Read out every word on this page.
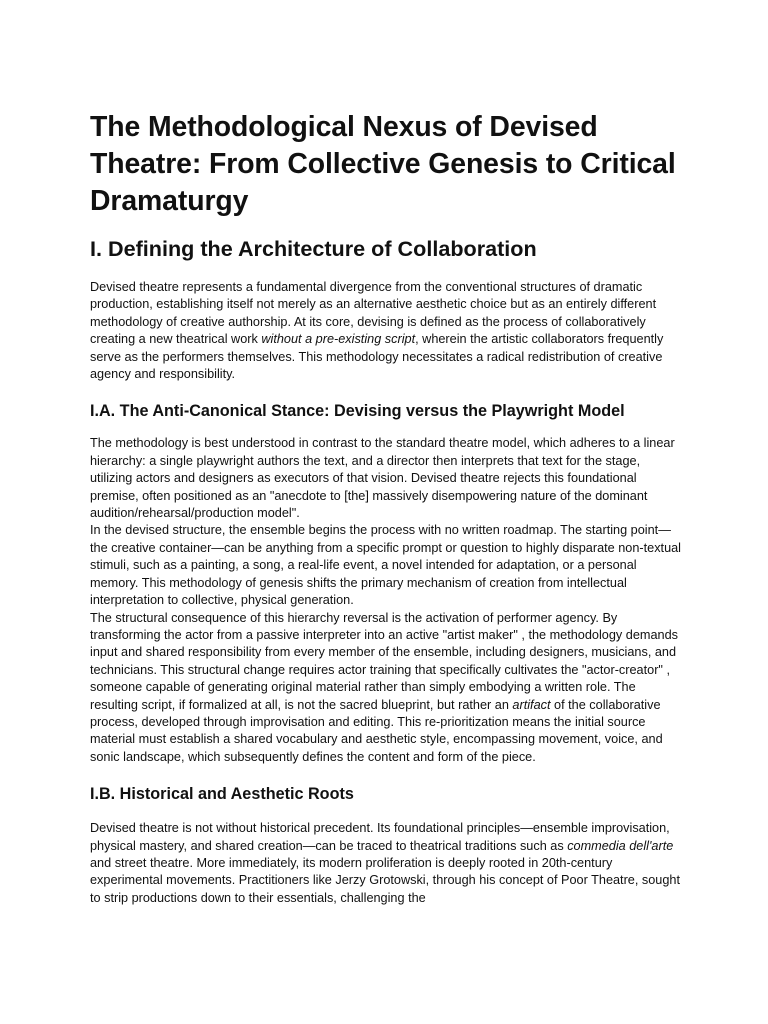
The Methodological Nexus of Devised Theatre: From Collective Genesis to Critical Dramaturgy
I. Defining the Architecture of Collaboration

Devised theatre represents a fundamental divergence from the conventional structures of dramatic production, establishing itself not merely as an alternative aesthetic choice but as an entirely different methodology of creative authorship. At its core, devising is defined as the process of collaboratively creating a new theatrical work without a pre-existing script, wherein the artistic collaborators frequently serve as the performers themselves. This methodology necessitates a radical redistribution of creative agency and responsibility.

I.A. The Anti-Canonical Stance: Devising versus the Playwright Model

The methodology is best understood in contrast to the standard theatre model, which adheres to a linear hierarchy: a single playwright authors the text, and a director then interprets that text for the stage, utilizing actors and designers as executors of that vision. Devised theatre rejects this foundational premise, often positioned as an "anecdote to [the] massively disempowering nature of the dominant audition/rehearsal/production model".

In the devised structure, the ensemble begins the process with no written roadmap. The starting point—the creative container—can be anything from a specific prompt or question to highly disparate non-textual stimuli, such as a painting, a song, a real-life event, a novel intended for adaptation, or a personal memory. This methodology of genesis shifts the primary mechanism of creation from intellectual interpretation to collective, physical generation.

The structural consequence of this hierarchy reversal is the activation of performer agency. By transforming the actor from a passive interpreter into an active "artist maker" , the methodology demands input and shared responsibility from every member of the ensemble, including designers, musicians, and technicians. This structural change requires actor training that specifically cultivates the "actor-creator" , someone capable of generating original material rather than simply embodying a written role. The resulting script, if formalized at all, is not the sacred blueprint, but rather an artifact of the collaborative process, developed through improvisation and editing. This re-prioritization means the initial source material must establish a shared vocabulary and aesthetic style, encompassing movement, voice, and sonic landscape, which subsequently defines the content and form of the piece.

I.B. Historical and Aesthetic Roots

Devised theatre is not without historical precedent. Its foundational principles—ensemble improvisation, physical mastery, and shared creation—can be traced to theatrical traditions such as commedia dell'arte and street theatre. More immediately, its modern proliferation is deeply rooted in 20th-century experimental movements. Practitioners like Jerzy Grotowski, through his concept of Poor Theatre, sought to strip productions down to their essentials, challenging the
